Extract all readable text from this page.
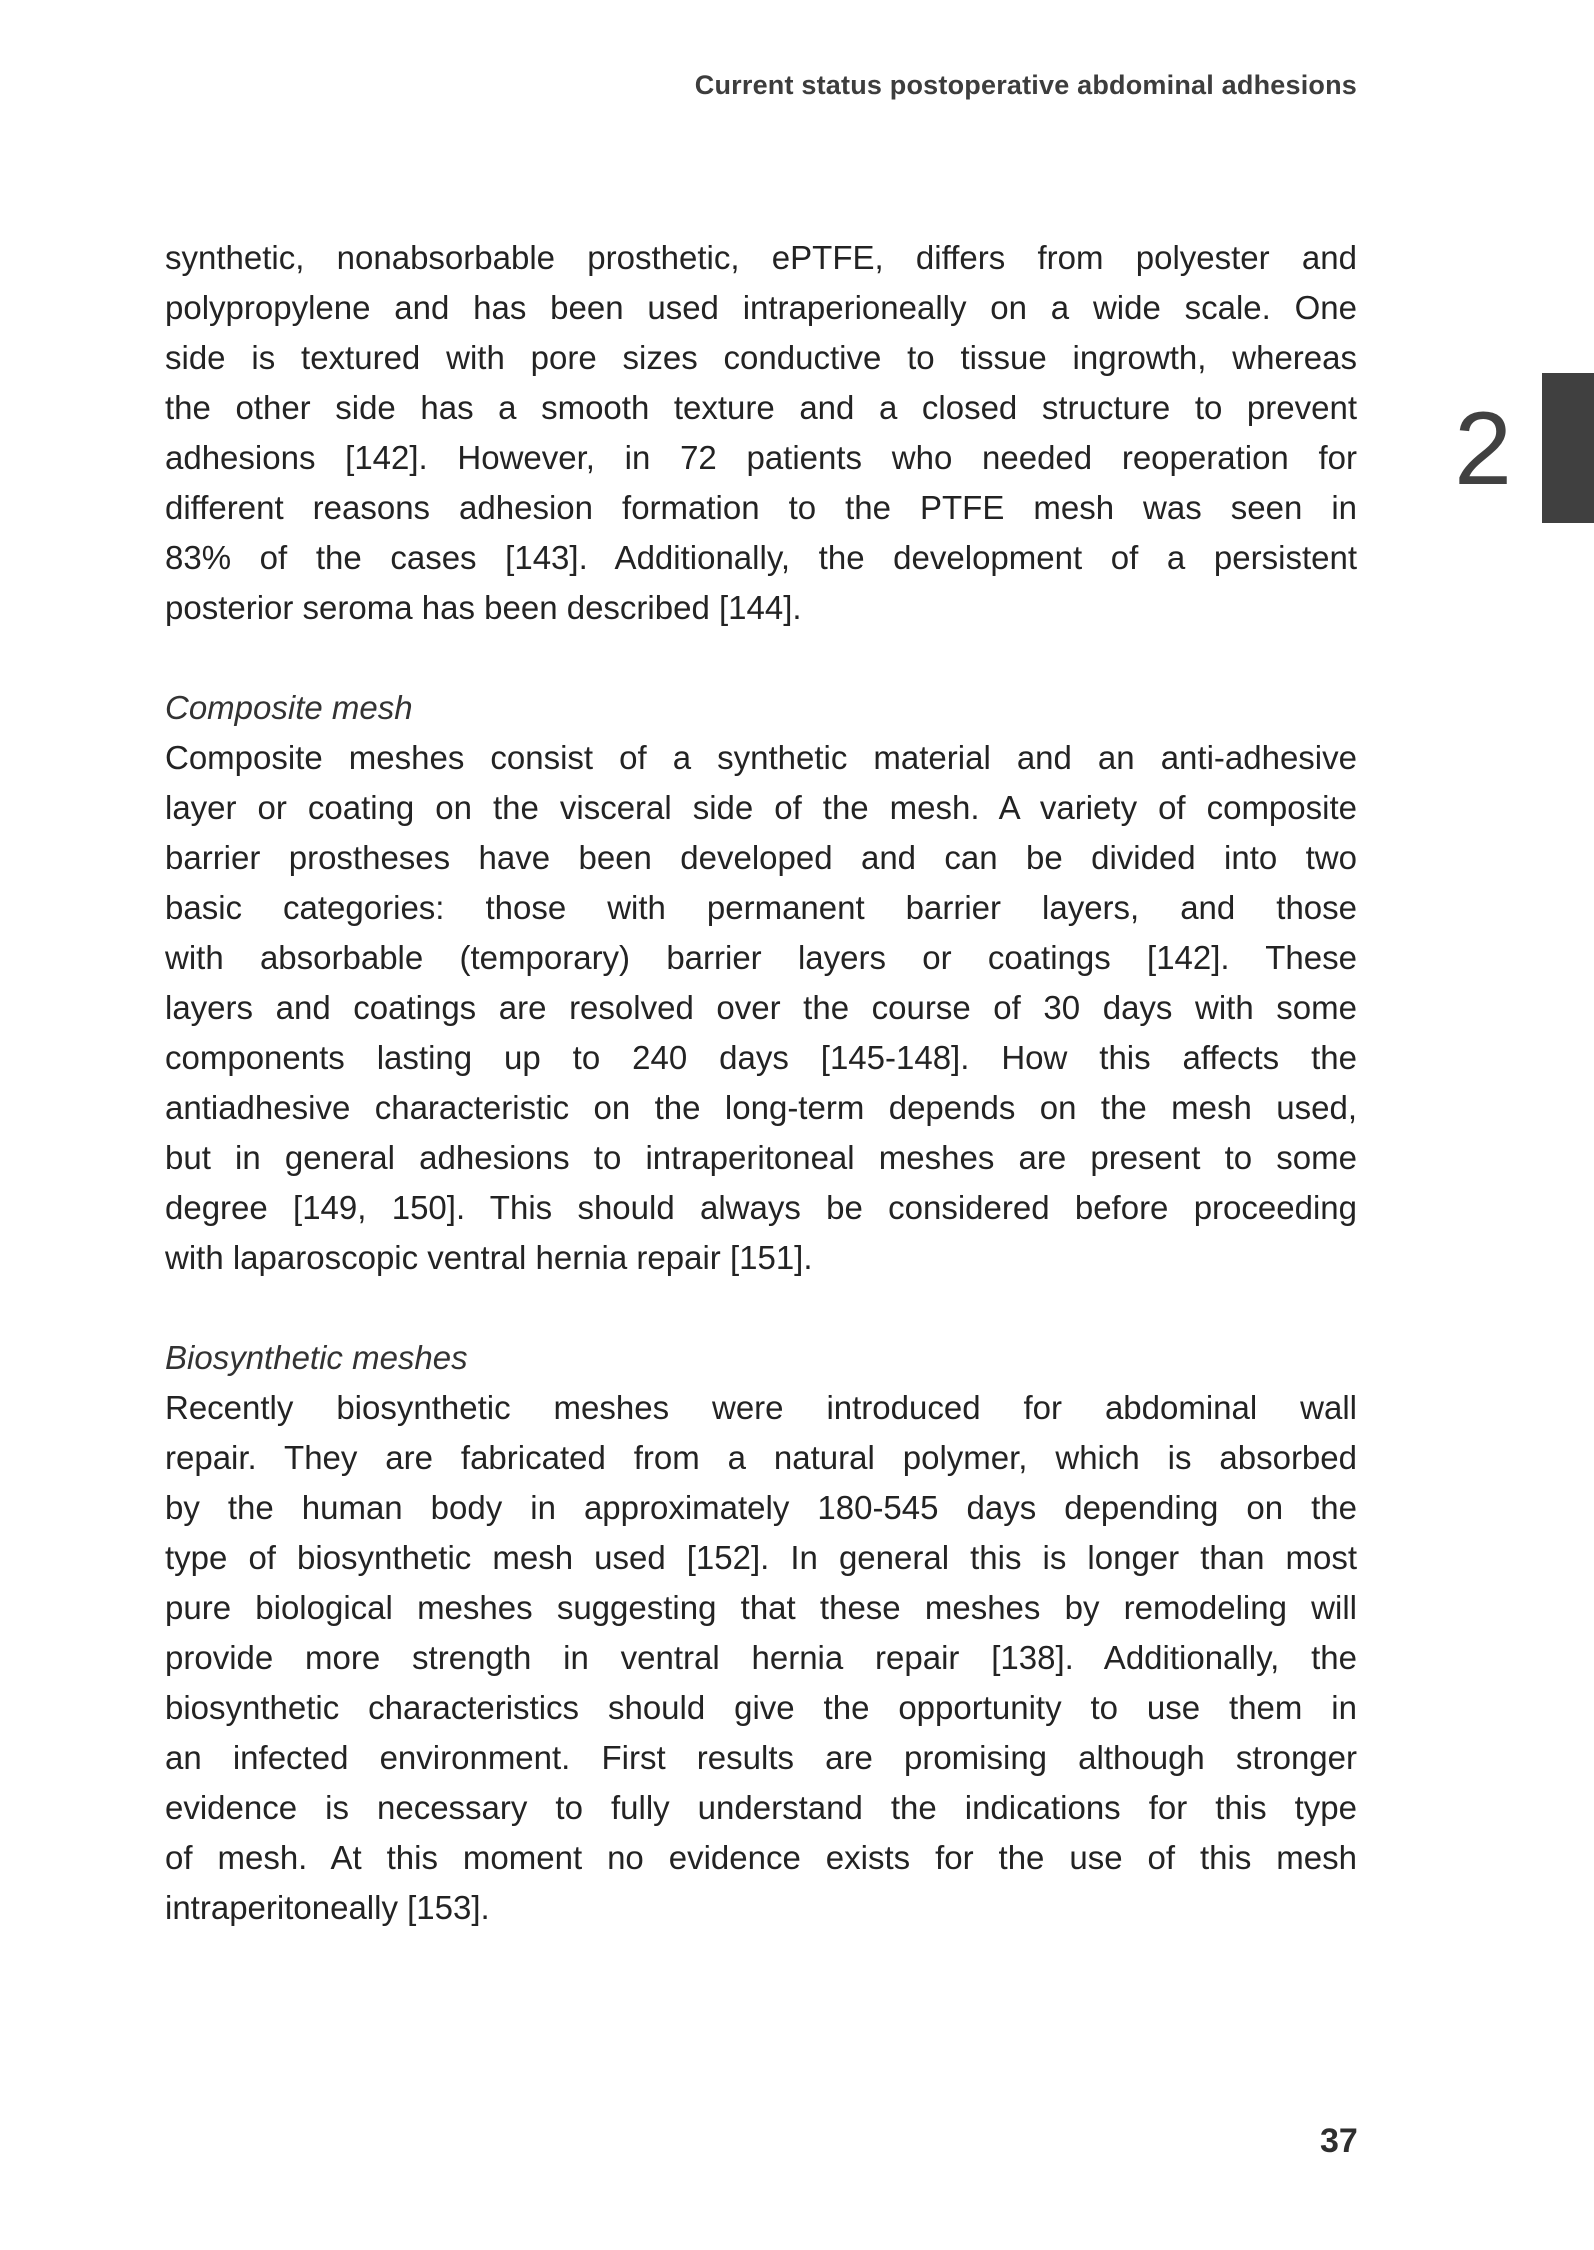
Current status postoperative abdominal adhesions
2
synthetic, nonabsorbable prosthetic, ePTFE, differs from polyester and
polypropylene and has been used intraperioneally on a wide scale. One
side is textured with pore sizes conductive to tissue ingrowth, whereas
the other side has a smooth texture and a closed structure to prevent
adhesions [142]. However, in 72 patients who needed reoperation for
different reasons adhesion formation to the PTFE mesh was seen in
83% of the cases [143]. Additionally, the development of a persistent
posterior seroma has been described [144].
Composite mesh
Composite meshes consist of a synthetic material and an anti-adhesive
layer or coating on the visceral side of the mesh. A variety of composite
barrier prostheses have been developed and can be divided into two
basic categories: those with permanent barrier layers, and those
with absorbable (temporary) barrier layers or coatings [142]. These
layers and coatings are resolved over the course of 30 days with some
components lasting up to 240 days [145-148]. How this affects the
antiadhesive characteristic on the long-term depends on the mesh used,
but in general adhesions to intraperitoneal meshes are present to some
degree [149, 150]. This should always be considered before proceeding
with laparoscopic ventral hernia repair [151].
Biosynthetic meshes
Recently biosynthetic meshes were introduced for abdominal wall
repair. They are fabricated from a natural polymer, which is absorbed
by the human body in approximately 180-545 days depending on the
type of biosynthetic mesh used [152]. In general this is longer than most
pure biological meshes suggesting that these meshes by remodeling will
provide more strength in ventral hernia repair [138]. Additionally, the
biosynthetic characteristics should give the opportunity to use them in
an infected environment. First results are promising although stronger
evidence is necessary to fully understand the indications for this type
of mesh. At this moment no evidence exists for the use of this mesh
intraperitoneally [153].
37
